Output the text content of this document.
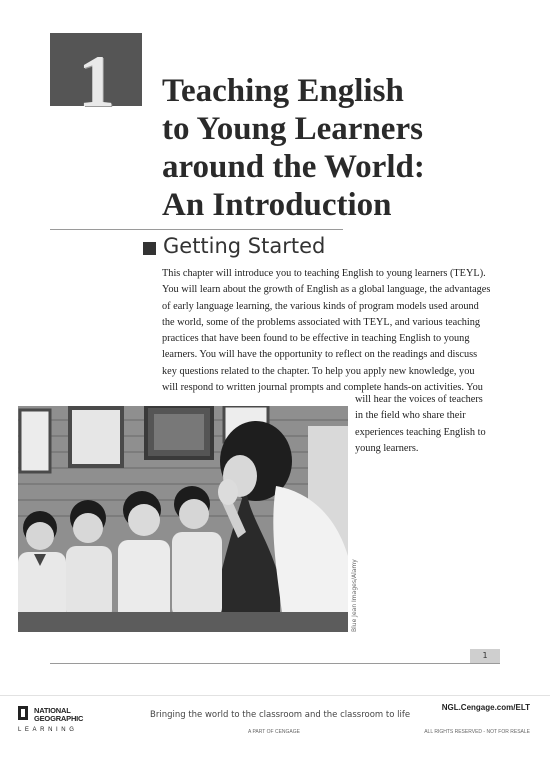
1 Teaching English
to Young Learners
around the World:
An Introduction
Getting Started
This chapter will introduce you to teaching English to young learners (TEYL).
You will learn about the growth of English as a global language, the advantages
of early language learning, the various kinds of program models used around
the world, some of the problems associated with TEYL, and various teaching
practices that have been found to be effective in teaching English to young
learners. You will have the opportunity to reflect on the readings and discuss
key questions related to the chapter. To help you apply new knowledge, you
will respond to written journal prompts and complete hands-on activities. You
will hear the voices of teachers
in the field who share their
experiences teaching English to
young learners.
Blue Jean Images/Alamy
1
NATIONAL
GEOGRAPHIC
LEARNING
Bringing the world to the classroom and the classroom to life
NGL.Cengage.com/ELT
A PART OF CENGAGE	ALL RIGHTS RESERVED - NOT FOR RESALE
